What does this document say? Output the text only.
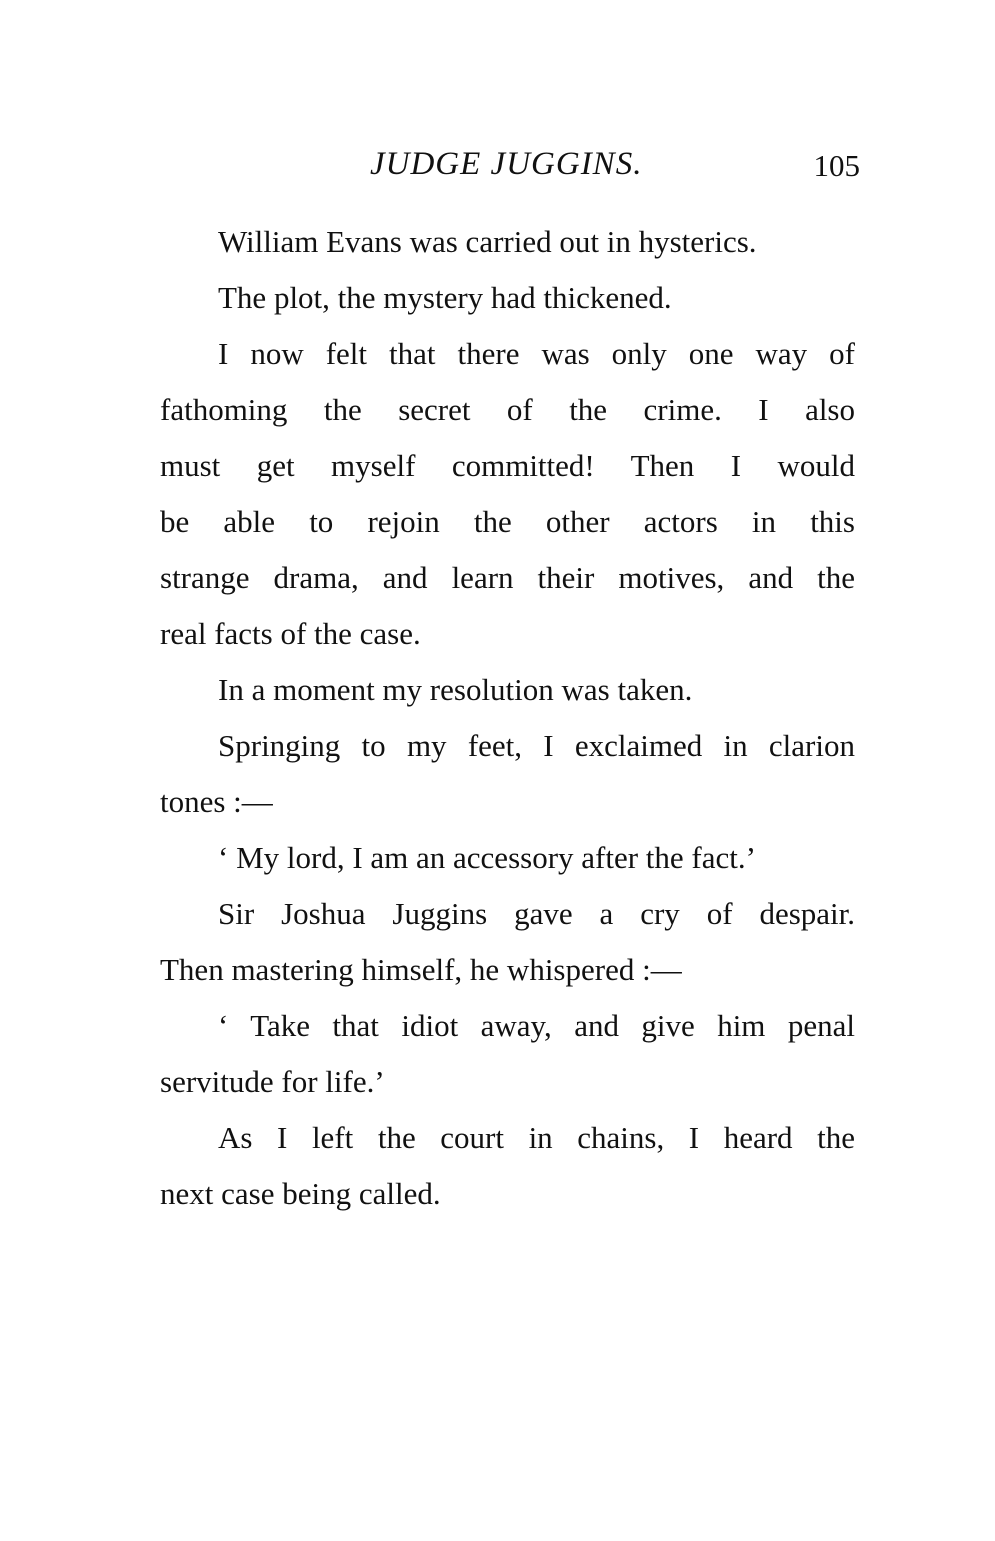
JUDGE JUGGINS.	105
William Evans was carried out in hysterics.
The plot, the mystery had thickened.
I now felt that there was only one way of
fathoming the secret of the crime. I also
must get myself committed! Then I would
be able to rejoin the other actors in this
strange drama, and learn their motives, and the
real facts of the case.
In a moment my resolution was taken.
Springing to my feet, I exclaimed in clarion
tones :—
‘ My lord, I am an accessory after the fact.’
Sir Joshua Juggins gave a cry of despair.
Then mastering himself, he whispered :—
‘ Take that idiot away, and give him penal
servitude for life.’
As I left the court in chains, I heard the
next case being called.
